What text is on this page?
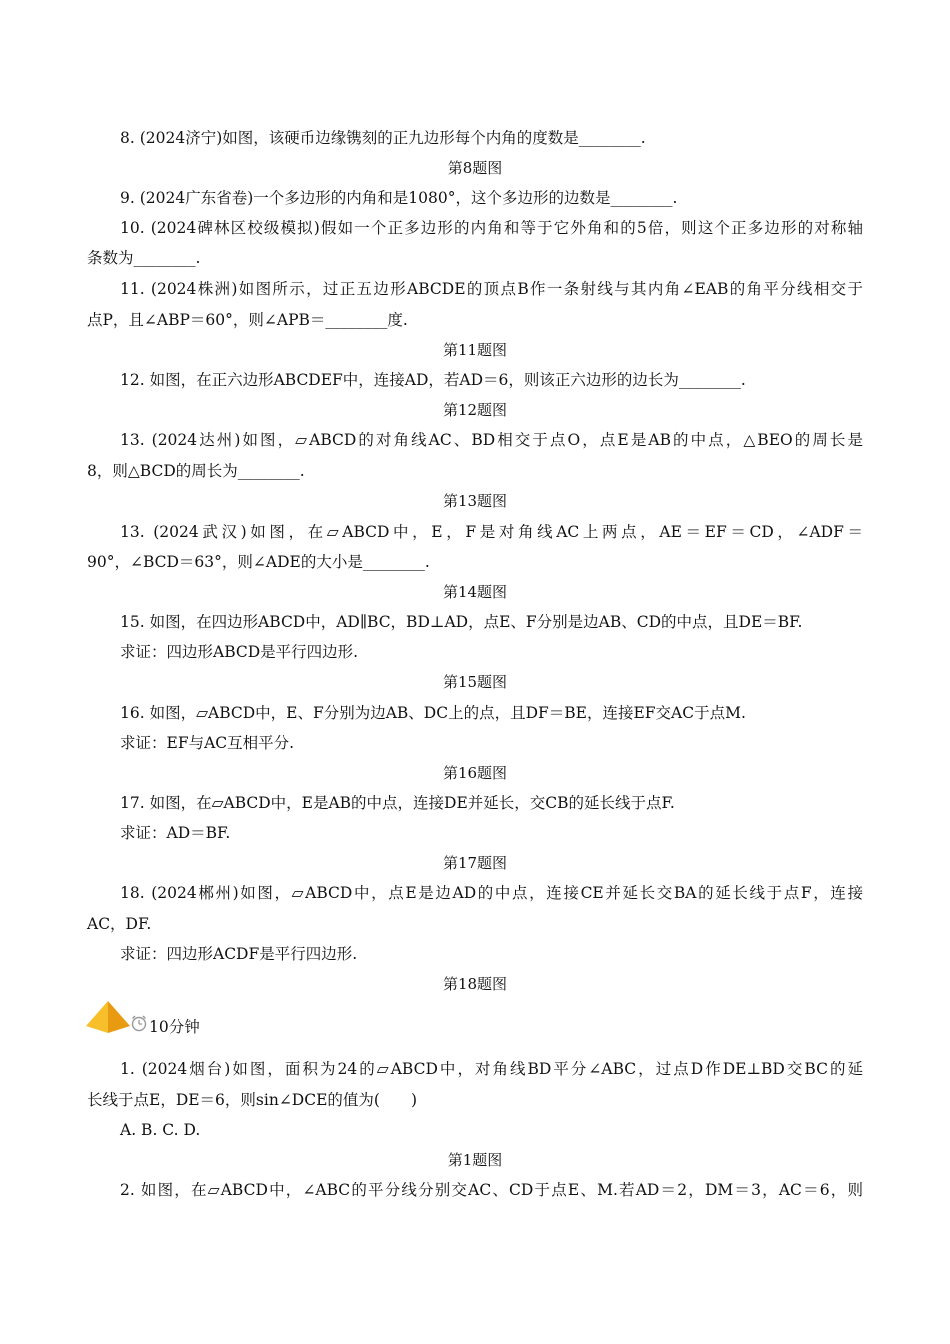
8. (2024济宁)如图，该硬币边缘镌刻的正九边形每个内角的度数是________.
第8题图
9. (2024广东省卷)一个多边形的内角和是1080°，这个多边形的边数是________.
10. (2024碑林区校级模拟)假如一个正多边形的内角和等于它外角和的5倍，则这个正多边形的对称轴
条数为________.
11. (2024株洲)如图所示，过正五边形ABCDE的顶点B作一条射线与其内角∠EAB的角平分线相交于
点P，且∠ABP＝60°，则∠APB＝________度.
第11题图
12. 如图，在正六边形ABCDEF中，连接AD，若AD＝6，则该正六边形的边长为________.
第12题图
13. (2024达州)如图，▱ABCD的对角线AC、BD相交于点O，点E是AB的中点，△BEO的周长是
8，则△BCD的周长为________.
第13题图
13. (2024武汉)如图，在▱ABCD中，E，F是对角线AC上两点，AE＝EF＝CD，∠ADF＝
90°，∠BCD＝63°，则∠ADE的大小是________.
第14题图
15. 如图，在四边形ABCD中，AD∥BC，BD⊥AD，点E、F分别是边AB、CD的中点，且DE＝BF.
求证：四边形ABCD是平行四边形.
第15题图
16. 如图，▱ABCD中，E、F分别为边AB、DC上的点，且DF＝BE，连接EF交AC于点M.
求证：EF与AC互相平分.
第16题图
17. 如图，在▱ABCD中，E是AB的中点，连接DE并延长，交CB的延长线于点F.
求证：AD＝BF.
第17题图
18. (2024郴州)如图，▱ABCD中，点E是边AD的中点，连接CE并延长交BA的延长线于点F，连接
AC，DF.
求证：四边形ACDF是平行四边形.
第18题图
10分钟
1. (2024烟台)如图，面积为24的▱ABCD中，对角线BD平分∠ABC，过点D作DE⊥BD交BC的延
长线于点E，DE＝6，则sin∠DCE的值为(　　)
A. B. C. D.
第1题图
2. 如图，在▱ABCD中，∠ABC的平分线分别交AC、CD于点E、M.若AD＝2，DM＝3，AC＝6，则
